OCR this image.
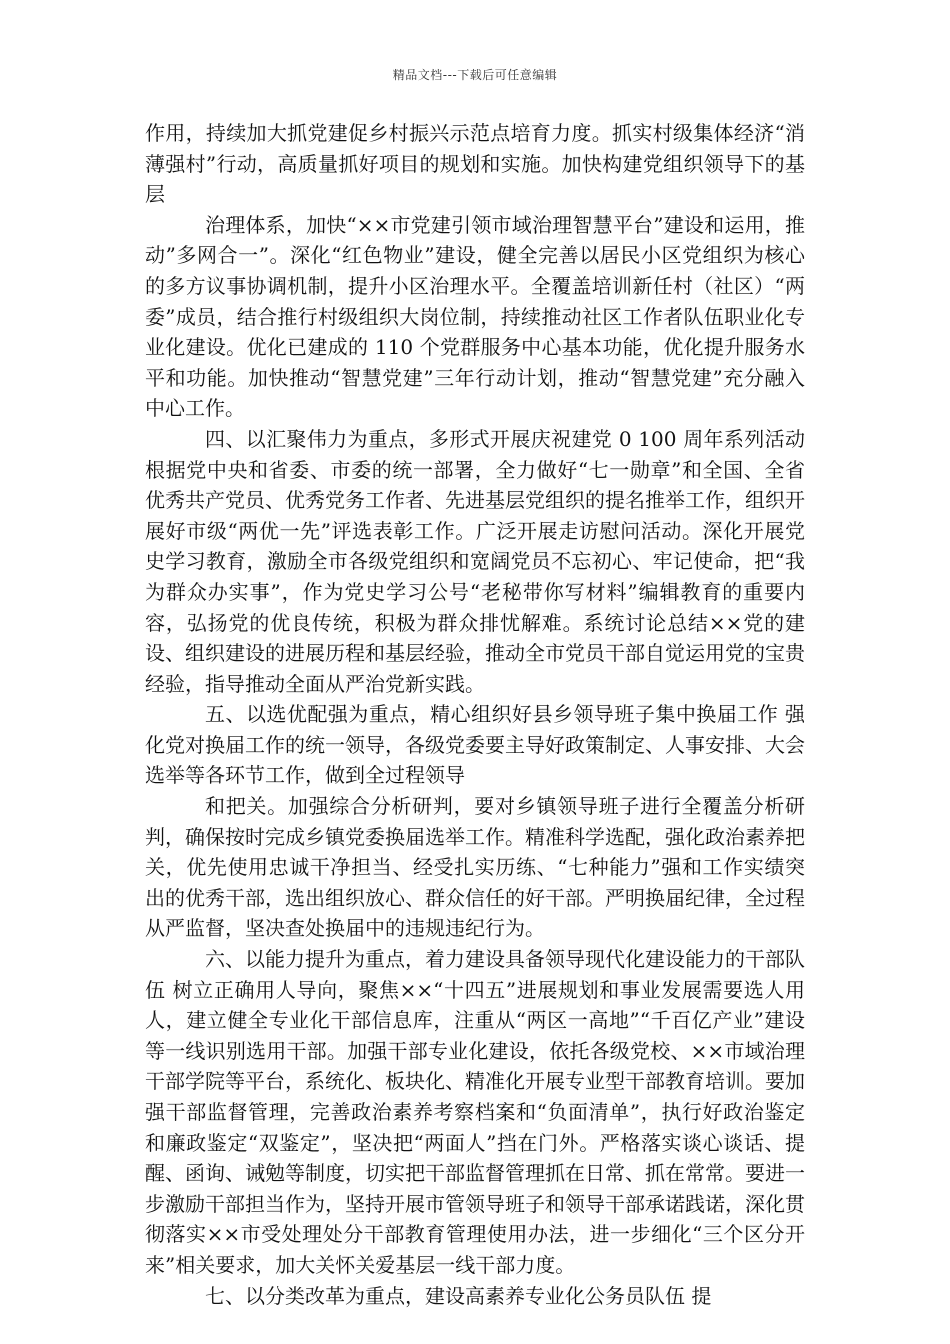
精品文档---下载后可任意编辑

作用，持续加大抓党建促乡村振兴示范点培育力度。抓实村级集体经济“消薄强村”行动，高质量抓好项目的规划和实施。加快构建党组织领导下的基层

治理体系，加快“××市党建引领市域治理智慧平台”建设和运用，推动”多网合一”。深化“红色物业”建设，健全完善以居民小区党组织为核心的多方议事协调机制，提升小区治理水平。全覆盖培训新任村（社区）“两委”成员，结合推行村级组织大岗位制，持续推动社区工作者队伍职业化专业化建设。优化已建成的 110 个党群服务中心基本功能，优化提升服务水平和功能。加快推动“智慧党建”三年行动计划，推动“智慧党建”充分融入中心工作。

四、以汇聚伟力为重点，多形式开展庆祝建党 0 100 周年系列活动 根据党中央和省委、市委的统一部署，全力做好“七一勋章”和全国、全省优秀共产党员、优秀党务工作者、先进基层党组织的提名推举工作，组织开展好市级“两优一先”评选表彰工作。广泛开展走访慰问活动。深化开展党史学习教育，激励全市各级党组织和宽阔党员不忘初心、牢记使命，把“我为群众办实事”，作为党史学习公号“老秘带你写材料”编辑教育的重要内容，弘扬党的优良传统，积极为群众排忧解难。系统讨论总结××党的建设、组织建设的进展历程和基层经验，推动全市党员干部自觉运用党的宝贵经验，指导推动全面从严治党新实践。

五、以选优配强为重点，精心组织好县乡领导班子集中换届工作 强化党对换届工作的统一领导，各级党委要主导好政策制定、人事安排、大会选举等各环节工作，做到全过程领导

和把关。加强综合分析研判，要对乡镇领导班子进行全覆盖分析研判，确保按时完成乡镇党委换届选举工作。精准科学选配，强化政治素养把关，优先使用忠诚干净担当、经受扎实历练、“七种能力”强和工作实绩突出的优秀干部，选出组织放心、群众信任的好干部。严明换届纪律，全过程从严监督，坚决查处换届中的违规违纪行为。

六、以能力提升为重点，着力建设具备领导现代化建设能力的干部队伍 树立正确用人导向，聚焦××“十四五”进展规划和事业发展需要选人用人，建立健全专业化干部信息库，注重从“两区一高地”“千百亿产业”建设等一线识别选用干部。加强干部专业化建设，依托各级党校、××市域治理干部学院等平台，系统化、板块化、精准化开展专业型干部教育培训。要加强干部监督管理，完善政治素养考察档案和“负面清单”，执行好政治鉴定和廉政鉴定“双鉴定”，坚决把“两面人”挡在门外。严格落实谈心谈话、提醒、函询、诫勉等制度，切实把干部监督管理抓在日常、抓在常常。要进一步激励干部担当作为，坚持开展市管领导班子和领导干部承诺践诺，深化贯彻落实××市受处理处分干部教育管理使用办法，进一步细化“三个区分开来”相关要求，加大关怀关爱基层一线干部力度。

七、以分类改革为重点，建设高素养专业化公务员队伍 提
